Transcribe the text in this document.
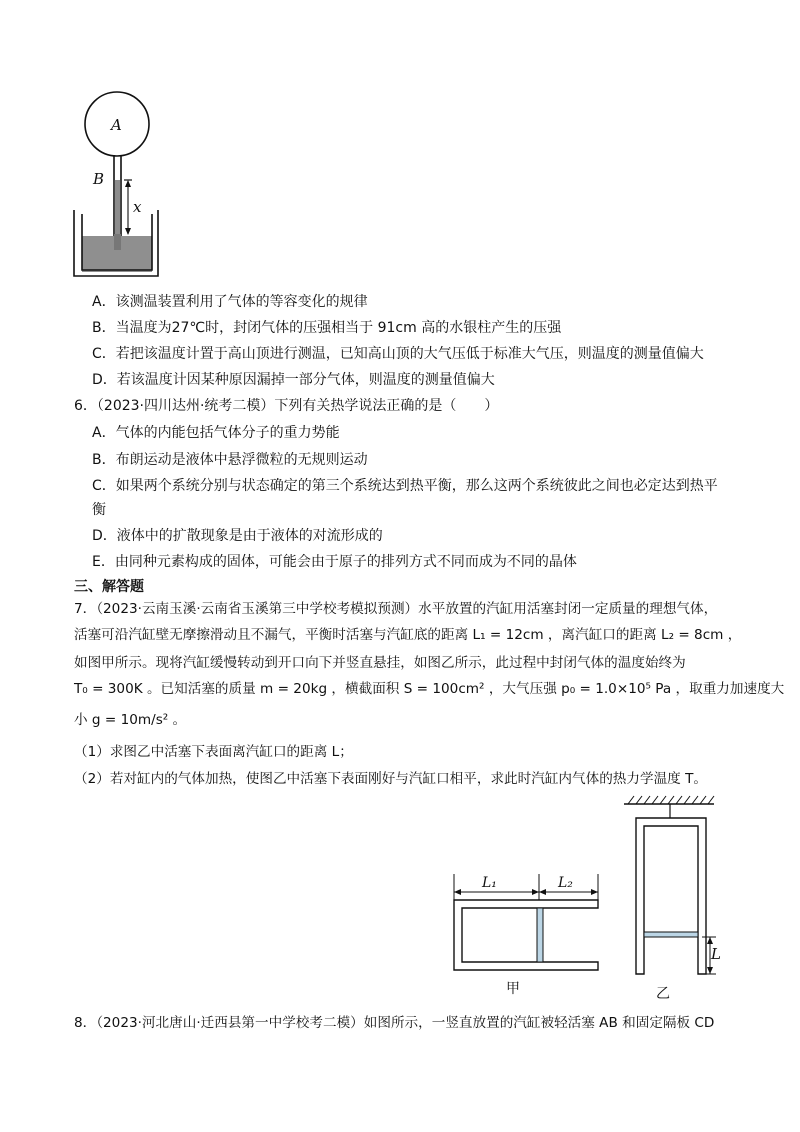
A
B
x
A．该测温装置利用了气体的等容变化的规律
B．当温度为27℃时，封闭气体的压强相当于 91cm 高的水银柱产生的压强
C．若把该温度计置于高山顶进行测温，已知高山顶的大气压低于标准大气压，则温度的测量值偏大
D．若该温度计因某种原因漏掉一部分气体，则温度的测量值偏大
6．（2023·四川达州·统考二模）下列有关热学说法正确的是（　　）
A．气体的内能包括气体分子的重力势能
B．布朗运动是液体中悬浮微粒的无规则运动
C．如果两个系统分别与状态确定的第三个系统达到热平衡，那么这两个系统彼此之间也必定达到热平
衡
D．液体中的扩散现象是由于液体的对流形成的
E．由同种元素构成的固体，可能会由于原子的排列方式不同而成为不同的晶体
三、解答题
7．（2023·云南玉溪·云南省玉溪第三中学校考模拟预测）水平放置的汽缸用活塞封闭一定质量的理想气体，
活塞可沿汽缸壁无摩擦滑动且不漏气，平衡时活塞与汽缸底的距离 L₁ = 12cm ，离汽缸口的距离 L₂ = 8cm ，
如图甲所示。现将汽缸缓慢转动到开口向下并竖直悬挂，如图乙所示，此过程中封闭气体的温度始终为
T₀ = 300K 。已知活塞的质量 m = 20kg ，横截面积 S = 100cm² ，大气压强 p₀ = 1.0×10⁵ Pa ，取重力加速度大
小 g = 10m/s² 。
（1）求图乙中活塞下表面离汽缸口的距离 L；
（2）若对缸内的气体加热，使图乙中活塞下表面刚好与汽缸口相平，求此时汽缸内气体的热力学温度 T。
L₁	L₂
甲
L
乙
8．（2023·河北唐山·迁西县第一中学校考二模）如图所示，一竖直放置的汽缸被轻活塞 AB 和固定隔板 CD
